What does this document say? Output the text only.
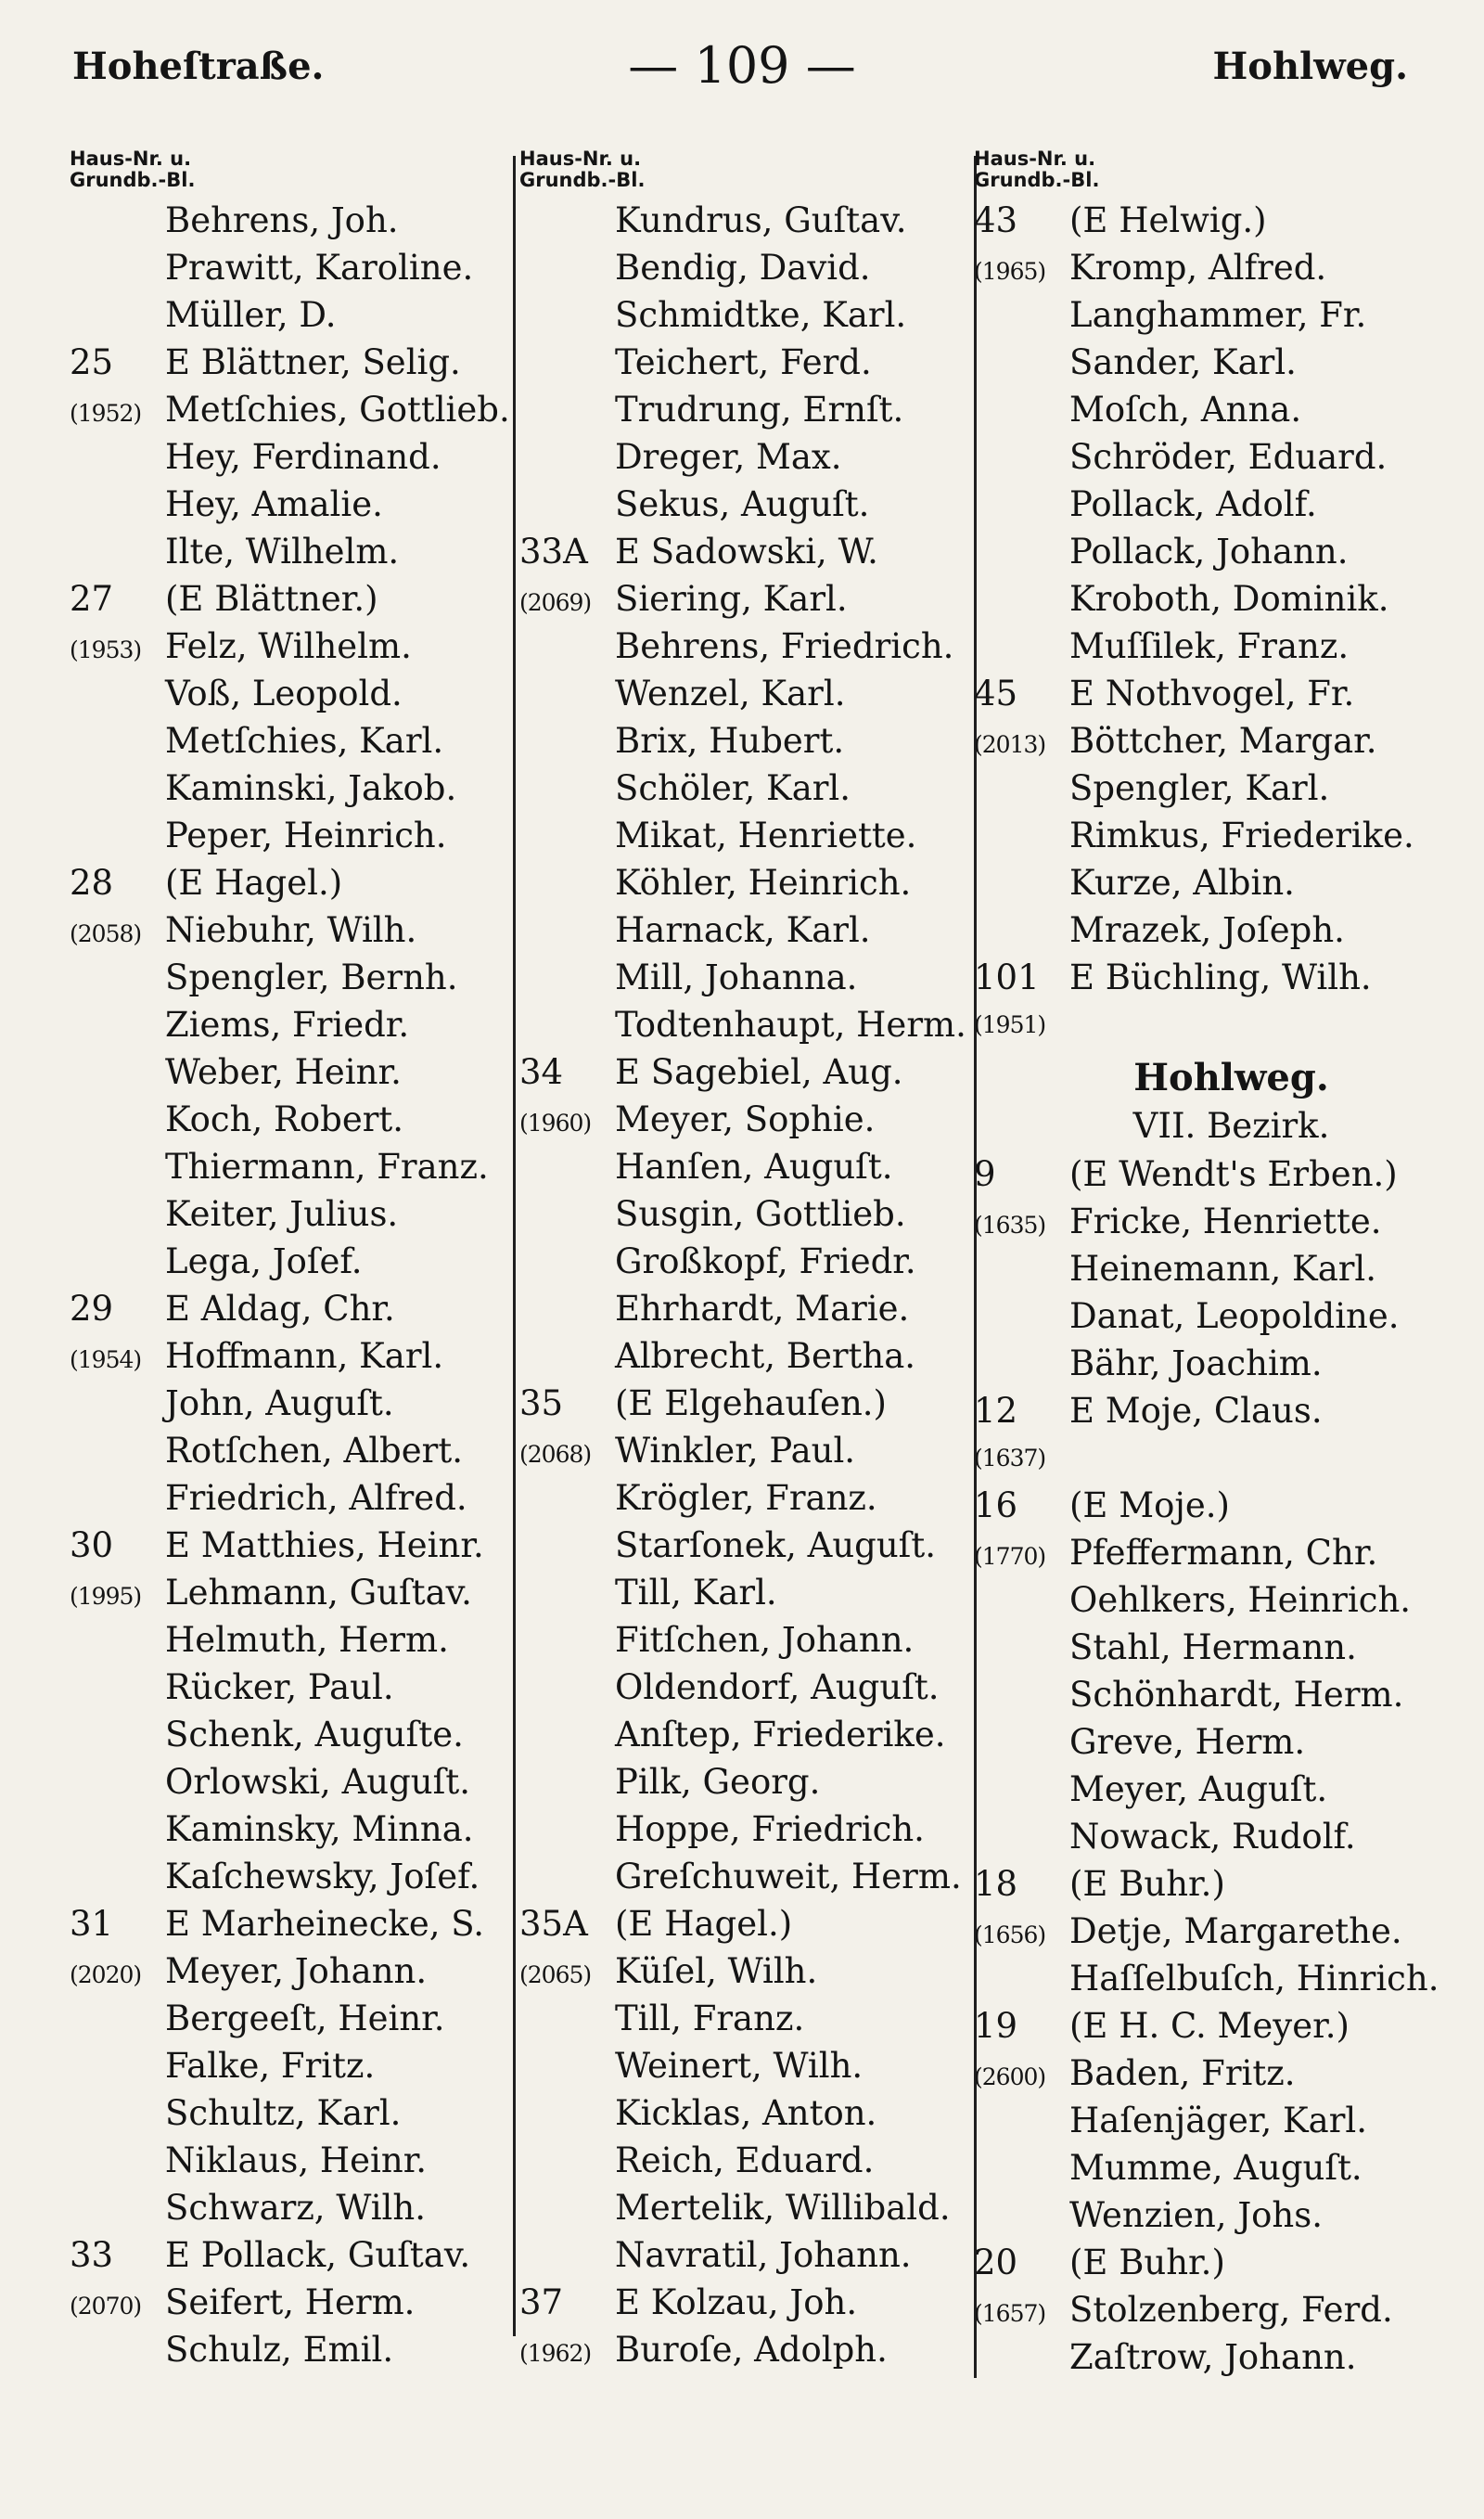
Hoheſtraße.	— 109 —	Hohlweg.
Haus-Nr. u.
Grundb.-Bl.
Behrens, Joh.
Prawitt, Karoline.
Müller, D.
25	E Blättner, Selig.
(1952) Metſchies, Gottlieb.
Hey, Ferdinand.
Hey, Amalie.
Ilte, Wilhelm.
27	(E Blättner.)
(1953) Felz, Wilhelm.
Voß, Leopold.
Metſchies, Karl.
Kaminski, Jakob.
Peper, Heinrich.
28	(E Hagel.)
(2058) Niebuhr, Wilh.
Spengler, Bernh.
Ziems, Friedr.
Weber, Heinr.
Koch, Robert.
Thiermann, Franz.
Keiter, Julius.
Lega, Joſef.
29	E Aldag, Chr.
(1954) Hoffmann, Karl.
John, Auguſt.
Rotſchen, Albert.
Friedrich, Alfred.
30	E Matthies, Heinr.
(1995) Lehmann, Guſtav.
Helmuth, Herm.
Rücker, Paul.
Schenk, Auguſte.
Orlowski, Auguſt.
Kaminsky, Minna.
Kaſchewsky, Joſef.
31	E Marheinecke, S.
(2020) Meyer, Johann.
Bergeeſt, Heinr.
Falke, Fritz.
Schultz, Karl.
Niklaus, Heinr.
Schwarz, Wilh.
33	E Pollack, Guſtav.
(2070) Seifert, Herm.
Schulz, Emil.
Haus-Nr. u.
Grundb.-Bl.
Kundrus, Guſtav.
Bendig, David.
Schmidtke, Karl.
Teichert, Ferd.
Trudrung, Ernſt.
Dreger, Max.
Sekus, Auguſt.
33A E Sadowski, W.
(2069) Siering, Karl.
Behrens, Friedrich.
Wenzel, Karl.
Brix, Hubert.
Schöler, Karl.
Mikat, Henriette.
Köhler, Heinrich.
Harnack, Karl.
Mill, Johanna.
Todtenhaupt, Herm.
34	E Sagebiel, Aug.
(1960) Meyer, Sophie.
Hanſen, Auguſt.
Susgin, Gottlieb.
Großkopf, Friedr.
Ehrhardt, Marie.
Albrecht, Bertha.
35	(E Elgehauſen.)
(2068) Winkler, Paul.
Krögler, Franz.
Starſonek, Auguſt.
Till, Karl.
Fitſchen, Johann.
Oldendorf, Auguſt.
Anſtep, Friederike.
Pilk, Georg.
Hoppe, Friedrich.
Greſchuweit, Herm.
35A (E Hagel.)
(2065) Küſel, Wilh.
Till, Franz.
Weinert, Wilh.
Kicklas, Anton.
Reich, Eduard.
Mertelik, Willibald.
Navratil, Johann.
37	E Kolzau, Joh.
(1962) Buroſe, Adolph.
Haus-Nr. u.
Grundb.-Bl.
43	(E Helwig.)
(1965) Kromp, Alfred.
Langhammer, Fr.
Sander, Karl.
Moſch, Anna.
Schröder, Eduard.
Pollack, Adolf.
Pollack, Johann.
Kroboth, Dominik.
Muſſilek, Franz.
45	E Nothvogel, Fr.
(2013) Böttcher, Margar.
Spengler, Karl.
Rimkus, Friederike.
Kurze, Albin.
Mrazek, Joſeph.
101 E Büchling, Wilh.
(1951)
Hohlweg.
VII. Bezirk.
9	(E Wendt's Erben.)
(1635) Fricke, Henriette.
Heinemann, Karl.
Danat, Leopoldine.
Bähr, Joachim.
12	E Moje, Claus.
(1637)
16	(E Moje.)
(1770) Pfeffermann, Chr.
Oehlkers, Heinrich.
Stahl, Hermann.
Schönhardt, Herm.
Greve, Herm.
Meyer, Auguſt.
Nowack, Rudolf.
18	(E Buhr.)
(1656) Detje, Margarethe.
Haſſelbuſch, Hinrich.
19	(E H. C. Meyer.)
(2600) Baden, Fritz.
Haſenjäger, Karl.
Mumme, Auguſt.
Wenzien, Johs.
20	(E Buhr.)
(1657) Stolzenberg, Ferd.
Zaſtrow, Johann.
